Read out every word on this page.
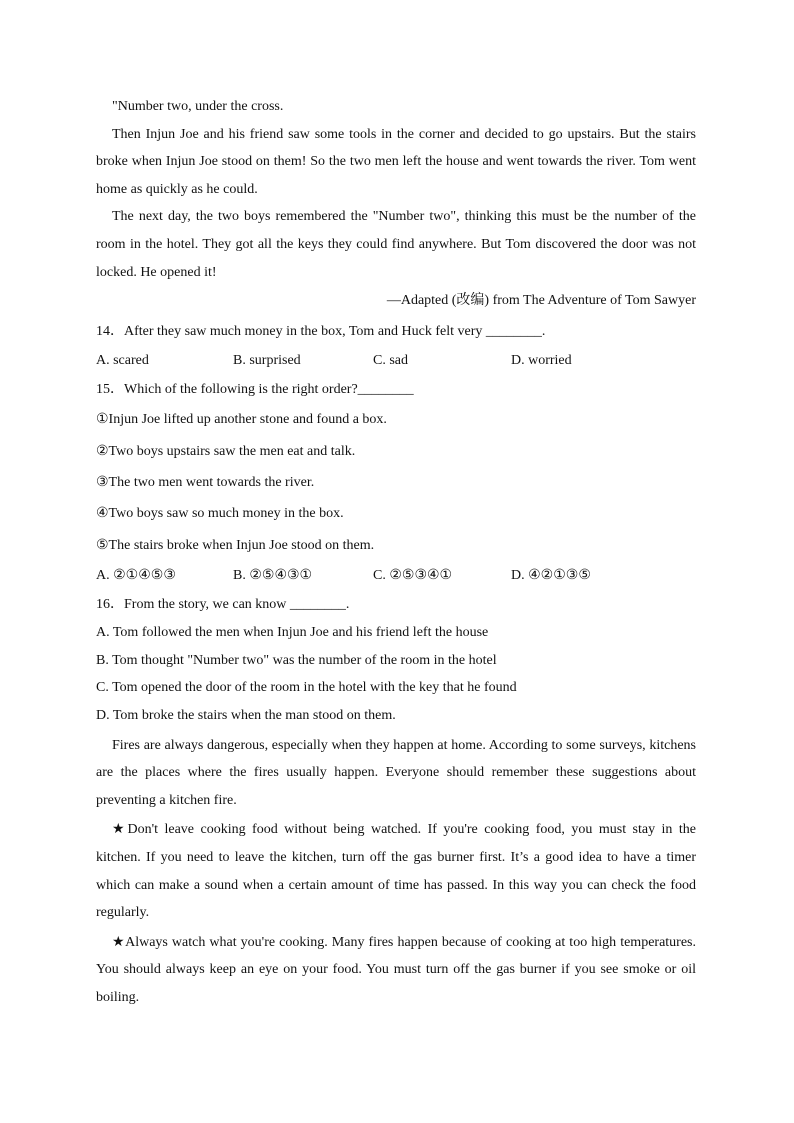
"Number two, under the cross.

Then Injun Joe and his friend saw some tools in the corner and decided to go upstairs. But the stairs broke when Injun Joe stood on them! So the two men left the house and went towards the river. Tom went home as quickly as he could.

The next day, the two boys remembered the "Number two", thinking this must be the number of the room in the hotel. They got all the keys they could find anywhere. But Tom discovered the door was not locked. He opened it!

—Adapted (改编) from The Adventure of Tom Sawyer

14．After they saw much money in the box, Tom and Huck felt very ________.

A. scared	B. surprised	C. sad	D. worried

15．Which of the following is the right order?________

①Injun Joe lifted up another stone and found a box.

②Two boys upstairs saw the men eat and talk.

③The two men went towards the river.

④Two boys saw so much money in the box.

⑤The stairs broke when Injun Joe stood on them.

A. ②①④⑤③	B. ②⑤④③①	C. ②⑤③④①	D. ④②①③⑤

16．From the story, we can know ________.

A. Tom followed the men when Injun Joe and his friend left the house

B. Tom thought "Number two" was the number of the room in the hotel

C. Tom opened the door of the room in the hotel with the key that he found

D. Tom broke the stairs when the man stood on them.

Fires are always dangerous, especially when they happen at home. According to some surveys, kitchens are the places where the fires usually happen. Everyone should remember these suggestions about preventing a kitchen fire.

★Don't leave cooking food without being watched. If you're cooking food, you must stay in the kitchen. If you need to leave the kitchen, turn off the gas burner first. It’s a good idea to have a timer which can make a sound when a certain amount of time has passed. In this way you can check the food regularly.

★Always watch what you're cooking. Many fires happen because of cooking at too high temperatures. You should always keep an eye on your food. You must turn off the gas burner if you see smoke or oil boiling.
